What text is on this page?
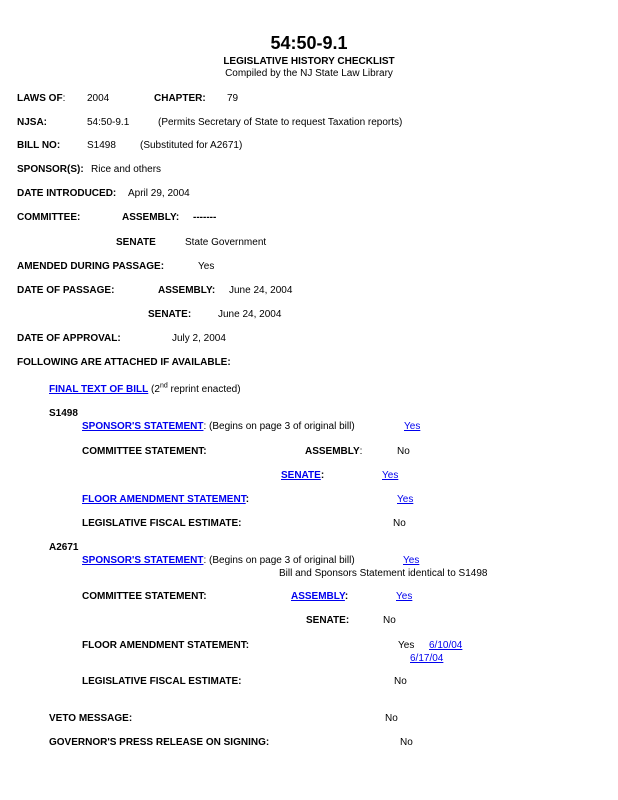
54:50-9.1
LEGISLATIVE HISTORY CHECKLIST
Compiled by the NJ State Law Library
LAWS OF: 2004	CHAPTER: 79
NJSA:	54:50-9.1	(Permits Secretary of State to request Taxation reports)
BILL NO:	S1498 (Substituted for A2671)
SPONSOR(S): Rice and others
DATE INTRODUCED: April 29, 2004
COMMITTEE:	ASSEMBLY: -------
SENATE	State Government
AMENDED DURING PASSAGE:	Yes
DATE OF PASSAGE:	ASSEMBLY: June 24, 2004
SENATE:	June 24, 2004
DATE OF APPROVAL:	July 2, 2004
FOLLOWING ARE ATTACHED IF AVAILABLE:
FINAL TEXT OF BILL (2nd reprint enacted)
S1498
SPONSOR'S STATEMENT: (Begins on page 3 of original bill)	Yes
COMMITTEE STATEMENT:	ASSEMBLY:	No
SENATE:	Yes
FLOOR AMENDMENT STATEMENT:	Yes
LEGISLATIVE FISCAL ESTIMATE:	No
A2671
SPONSOR'S STATEMENT: (Begins on page 3 of original bill)	Yes
Bill and Sponsors Statement identical to S1498
COMMITTEE STATEMENT:	ASSEMBLY:	Yes
SENATE:	No
FLOOR AMENDMENT STATEMENT:	Yes 6/10/04
6/17/04
LEGISLATIVE FISCAL ESTIMATE:	No
VETO MESSAGE:	No
GOVERNOR'S PRESS RELEASE ON SIGNING:	No
